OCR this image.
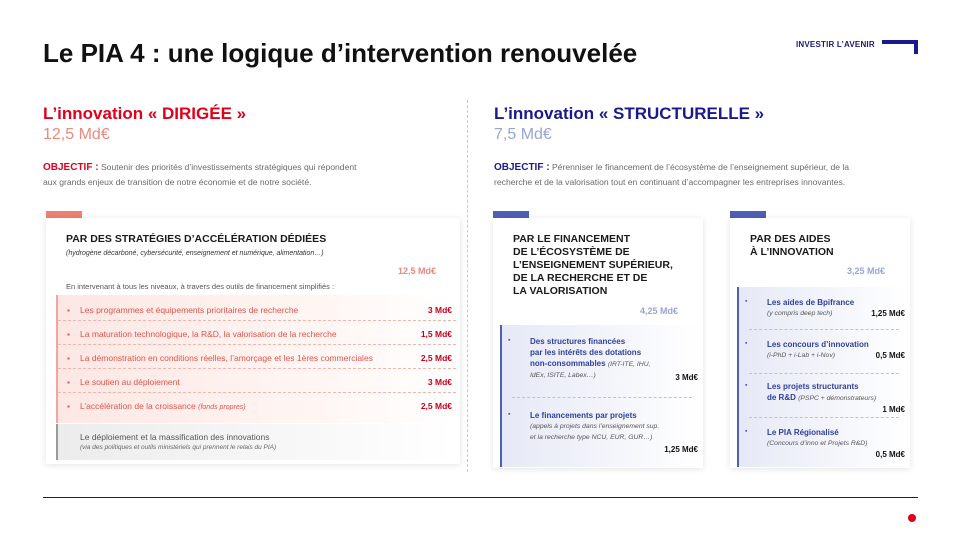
Le PIA 4 : une logique d’intervention renouvelée	INVESTIR L’AVENIR
L’innovation « DIRIGÉE »
12,5 Md€
OBJECTIF : Soutenir des priorités d’investissements stratégiques qui répondent
aux grands enjeux de transition de notre économie et de notre société.
PAR DES STRATÉGIES D’ACCÉLÉRATION DÉDIÉES
(hydrogène décarboné, cybersécurité, enseignement et numérique, alimentation…)
12,5 Md€
En intervenant à tous les niveaux, à travers des outils de financement simplifiés :
▪ Les programmes et équipements prioritaires de recherche	3 Md€
▪ La maturation technologique, la R&D, la valorisation de la recherche	1,5 Md€
▪ La démonstration en conditions réelles, l’amorçage et les 1ères commerciales	2,5 Md€
▪ Le soutien au déploiement	3 Md€
▪ L’accélération de la croissance (fonds propres)	2,5 Md€
Le déploiement et la massification des innovations
(via des politiques et outils ministériels qui prennent le relais du PIA)
L’innovation « STRUCTURELLE »
7,5 Md€
OBJECTIF : Pérenniser le financement de l’écosystème de l’enseignement supérieur, de la
recherche et de la valorisation tout en continuant d’accompagner les entreprises innovantes.
PAR LE FINANCEMENT
DE L’ÉCOSYSTÈME DE
L’ENSEIGNEMENT SUPÉRIEUR,
DE LA RECHERCHE ET DE
LA VALORISATION
4,25 Md€
▪ Des structures financées
par les intérêts des dotations
non-consommables (IRT-ITE, IHU,
IdEx, ISITE, Labex…)	3 Md€
▪ Le financements par projets
(appels à projets dans l’enseignement sup.
et la recherche type NCU, EUR, GUR…)
1,25 Md€
PAR DES AIDES
À L’INNOVATION
3,25 Md€
▪ Les aides de Bpifrance
(y compris deep tech)	1,25 Md€
▪ Les concours d’innovation
(i-PhD + i-Lab + i-Nov)	0,5 Md€
▪ Les projets structurants
de R&D (PSPC + démonstrateurs)
1 Md€
▪ Le PIA Régionalisé
(Concours d’inno et Projets R&D)
0,5 Md€
